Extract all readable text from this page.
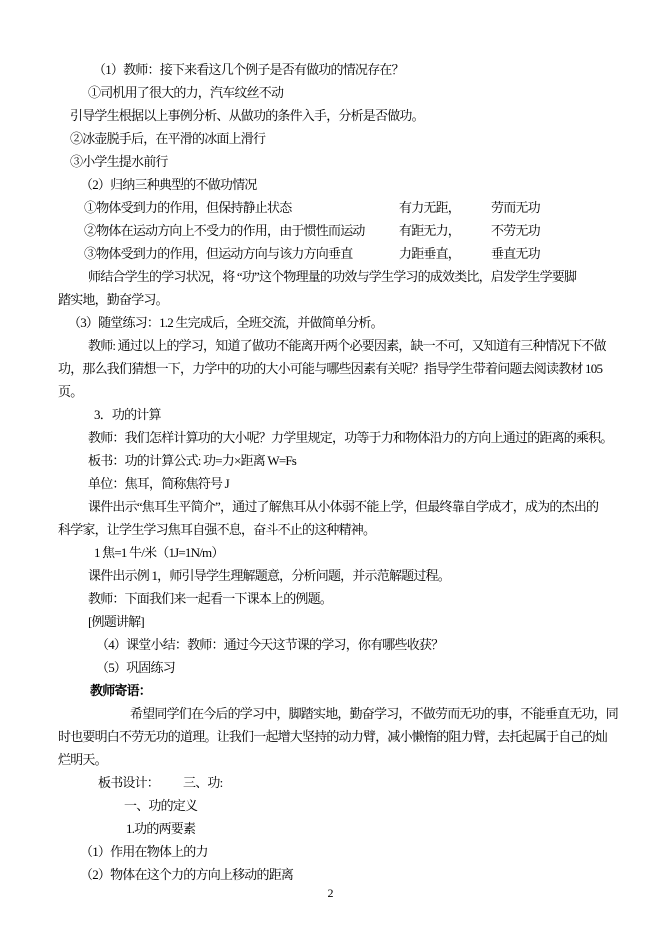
（1）教师：接下来看这几个例子是否有做功的情况存在？
①司机用了很大的力，汽车纹丝不动
引导学生根据以上事例分析、从做功的条件入手，分析是否做功。
②冰壶脱手后，在平滑的冰面上滑行
③小学生提水前行
（2）归纳三种典型的不做功情况
①物体受到力的作用，但保持静止状态	有力无距， 劳而无功
②物体在运动方向上不受力的作用，由于惯性而运动	有距无力， 不劳无功
③物体受到力的作用，但运动方向与该力方向垂直	力距垂直， 垂直无功
师结合学生的学习状况，将 “功”这个物理量的功效与学生学习的成效类比，启发学生学要脚
踏实地，勤奋学习。
（3）随堂练习：1.2 生完成后，全班交流，并做简单分析。
教师: 通过以上的学习，知道了做功不能离开两个必要因素，缺一不可，又知道有三种情况下不做
功，那么我们猜想一下，力学中的功的大小可能与哪些因素有关呢？指导学生带着问题去阅读教材 105
页。
3．功的计算
教师：我们怎样计算功的大小呢？力学里规定，功等于力和物体沿力的方向上通过的距离的乘积。
板书：功的计算公式: 功=力×距离 W=Fs
单位：焦耳，简称焦符号 J
课件出示“焦耳生平简介”，通过了解焦耳从小体弱不能上学，但最终靠自学成才，成为的杰出的
科学家，让学生学习焦耳自强不息，奋斗不止的这种精神。
1 焦=1 牛/米（1J=1N/m）
课件出示例 1，师引导学生理解题意，分析问题，并示范解题过程。
教师：下面我们来一起看一下课本上的例题。
[例题讲解]
（4）课堂小结：教师：通过今天这节课的学习，你有哪些收获？
（5）巩固练习
教师寄语：
希望同学们在今后的学习中，脚踏实地，勤奋学习，不做劳而无功的事，不能垂直无功，同
时也要明白不劳无功的道理。让我们一起增大坚持的动力臂，减小懒惰的阻力臂，去托起属于自己的灿
烂明天。
板书设计： 三、功:
一、功的定义
1.功的两要素
（1）作用在物体上的力
（2）物体在这个力的方向上移动的距离
2
